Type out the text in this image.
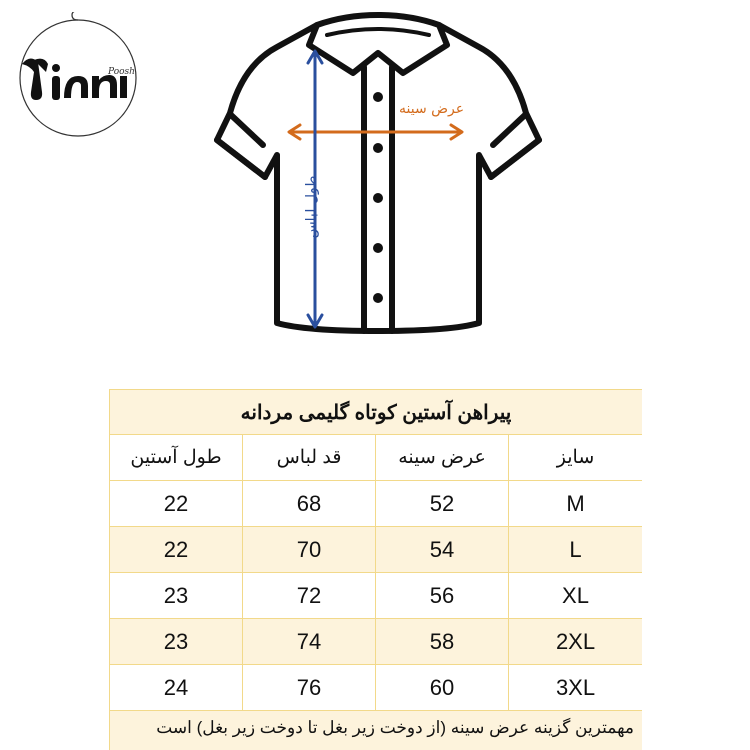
Poosh
عرض سینه
طول لباس
پیراهن آستین کوتاه گلیمی مردانه			
سایز	عرض سینه	قد لباس	طول آستین
M	52	68	22
L	54	70	22
XL	56	72	23
2XL	58	74	23
3XL	60	76	24
مهمترین گزینه عرض سینه (از دوخت زیر بغل تا دوخت زیر بغل) است			
